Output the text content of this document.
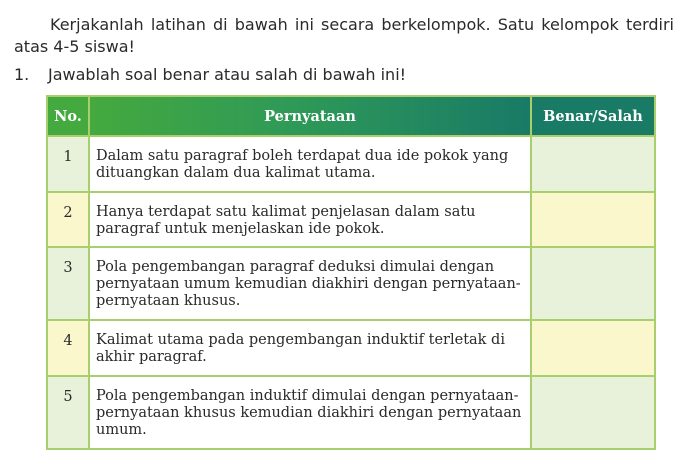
Kerjakanlah latihan di bawah ini secara berkelompok. Satu kelompok terdiri atas 4-5 siswa!

1. Jawablah soal benar atau salah di bawah ini!

No.	Pernyataan	Benar/Salah
1	Dalam satu paragraf boleh terdapat dua ide pokok yang dituangkan dalam dua kalimat utama.	
2	Hanya terdapat satu kalimat penjelasan dalam satu paragraf untuk menjelaskan ide pokok.	
3	Pola pengembangan paragraf deduksi dimulai dengan pernyataan umum kemudian diakhiri dengan pernyataan-pernyataan khusus.	
4	Kalimat utama pada pengembangan induktif terletak di akhir paragraf.	
5	Pola pengembangan induktif dimulai dengan pernyataan-pernyataan khusus kemudian diakhiri dengan pernyataan umum.	
